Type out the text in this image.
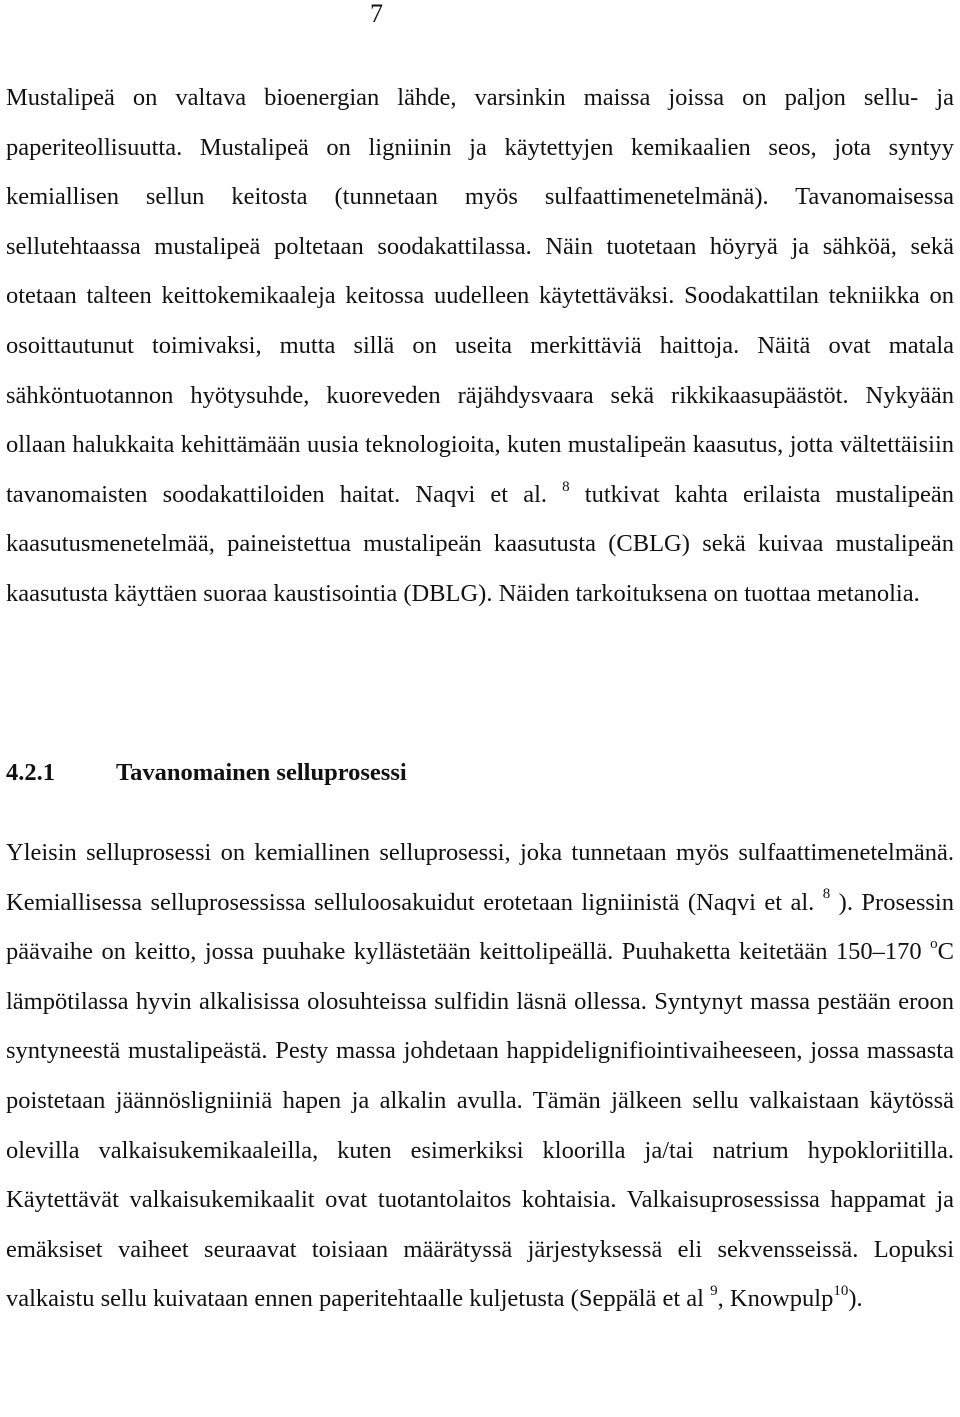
7

Mustalipeä on valtava bioenergian lähde, varsinkin maissa joissa on paljon sellu- ja paperiteollisuutta. Mustalipeä on ligniinin ja käytettyjen kemikaalien seos, jota syntyy kemiallisen sellun keitosta (tunnetaan myös sulfaattimenetelmänä). Tavanomaisessa sellutehtaassa mustalipeä poltetaan soodakattilassa. Näin tuotetaan höyryä ja sähköä, sekä otetaan talteen keittokemikaaleja keitossa uudelleen käytettäväksi. Soodakattilan tekniikka on osoittautunut toimivaksi, mutta sillä on useita merkittäviä haittoja. Näitä ovat matala sähköntuotannon hyötysuhde, kuoreveden räjähdysvaara sekä rikkikaasupäästöt. Nykyään ollaan halukkaita kehittämään uusia teknologioita, kuten mustalipeän kaasutus, jotta vältettäisiin tavanomaisten soodakattiloiden haitat. Naqvi et al. $^8$ tutkivat kahta erilaista mustalipeän kaasutusmenetelmää, paineistettua mustalipeän kaasutusta (CBLG) sekä kuivaa mustalipeän kaasutusta käyttäen suoraa kaustisointia (DBLG). Näiden tarkoituksena on tuottaa metanolia.

4.2.1 Tavanomainen selluprosessi

Yleisin selluprosessi on kemiallinen selluprosessi, joka tunnetaan myös sulfaattimenetelmänä. Kemiallisessa selluprosessissa selluloosakuidut erotetaan ligniinistä (Naqvi et al. $^8$ ). Prosessin päävaihe on keitto, jossa puuhake kyllästetään keittolipeällä. Puuhaketta keitetään 150–170 $^o$C lämpötilassa hyvin alkalisissa olosuhteissa sulfidin läsnä ollessa. Syntynyt massa pestään eroon syntyneestä mustalipeästä. Pesty massa johdetaan happidelignifiointivaiheeseen, jossa massasta poistetaan jäännösligniiniä hapen ja alkalin avulla. Tämän jälkeen sellu valkaistaan käytössä olevilla valkaisukemikaaleilla, kuten esimerkiksi kloorilla ja/tai natrium hypokloriitilla. Käytettävät valkaisukemikaalit ovat tuotantolaitos kohtaisia. Valkaisuprosessissa happamat ja emäksiset vaiheet seuraavat toisiaan määrätyssä järjestyksessä eli sekvensseissä. Lopuksi valkaistu sellu kuivataan ennen paperitehtaalle kuljetusta (Seppälä et al $^9$, Knowpulp$^{10}$).
